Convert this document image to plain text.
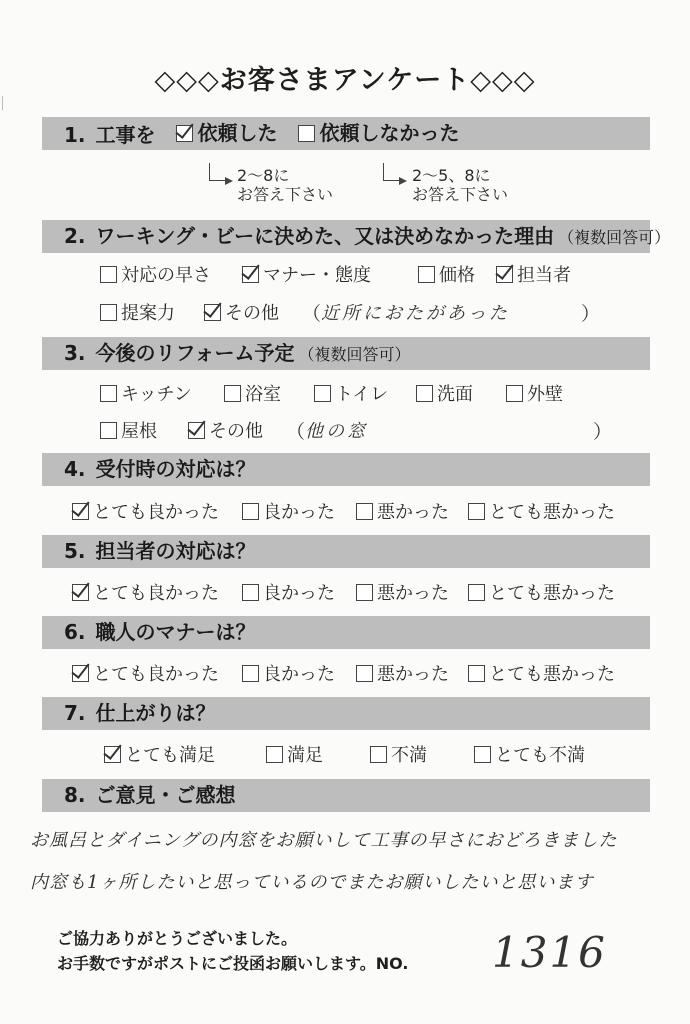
◇◇◇お客さまアンケート◇◇◇
1. 工事を 依頼した
依頼しなかった
2～8に
お答え下さい
2～5、8に
お答え下さい
2. ワーキング・ビーに決めた、又は決めなかった理由 （複数回答可）
対応の早さ	マナー・態度	価格 担当者
提案力	その他 （ 近所におたがあった	）
3. 今後のリフォーム予定 （複数回答可）
キッチン	浴室	トイレ	洗面	外壁
屋根	その他 （ 他の窓	）
4. 受付時の対応は？
とても良かった 良かった 悪かった とても悪かった
5. 担当者の対応は？
とても良かった 良かった 悪かった とても悪かった
6. 職人のマナーは？
とても良かった 良かった 悪かった とても悪かった
7. 仕上がりは？
とても満足	満足	不満	とても不満
8. ご意見・ご感想
お風呂とダイニングの内窓をお願いして工事の早さにおどろきました
内窓も1ヶ所したいと思っているのでまたお願いしたいと思います
ご協力ありがとうございました。
お手数ですがポストにご投函お願いします。NO. 1316
